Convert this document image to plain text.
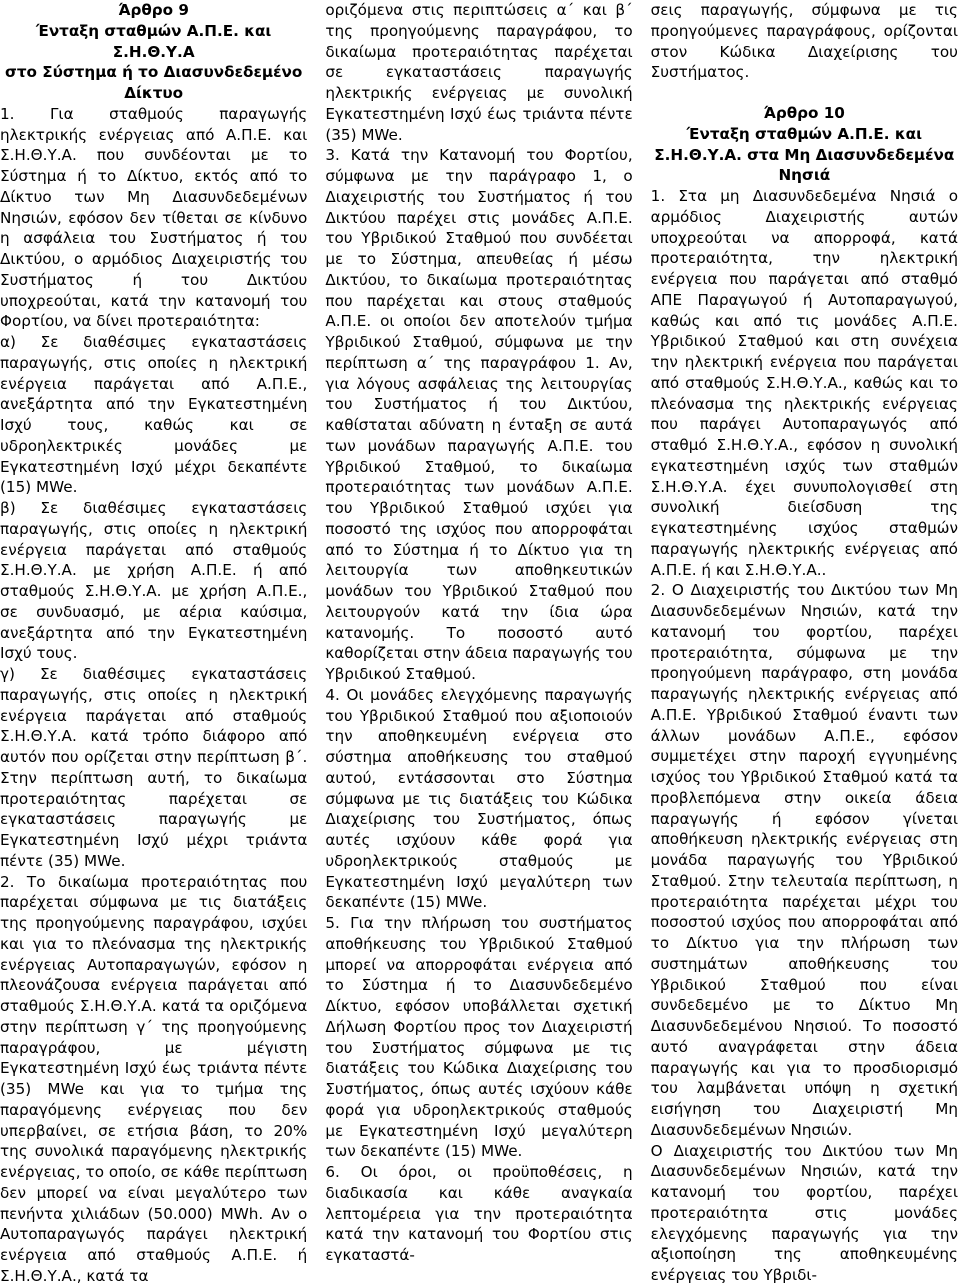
Άρθρο 9
Ένταξη σταθμών Α.Π.Ε. και Σ.Η.Θ.Υ.Α
στο Σύστημα ή το Διασυνδεδεμένο
Δίκτυο

1. Για σταθμούς παραγωγής ηλεκτρικής ενέργειας από Α.Π.Ε. και Σ.Η.Θ.Υ.Α. που συνδέονται με το Σύστημα ή το Δίκτυο, εκτός από το Δίκτυο των Μη Διασυνδεδεμένων Νησιών, εφόσον δεν τίθεται σε κίνδυνο η ασφάλεια του Συστήματος ή του Δικτύου, ο αρμόδιος Διαχειριστής του Συστήματος ή του Δικτύου υποχρεούται, κατά την κατανομή του Φορτίου, να δίνει προτεραιότητα:

α) Σε διαθέσιμες εγκαταστάσεις παραγωγής, στις οποίες η ηλεκτρική ενέργεια παράγεται από Α.Π.Ε., ανεξάρτητα από την Εγκατεστημένη Ισχύ τους, καθώς και σε υδροηλεκτρικές μονάδες με Εγκατεστημένη Ισχύ μέχρι δεκαπέντε (15) MWe.

β) Σε διαθέσιμες εγκαταστάσεις παραγωγής, στις οποίες η ηλεκτρική ενέργεια παράγεται από σταθμούς Σ.Η.Θ.Υ.Α. με χρήση Α.Π.Ε. ή από σταθμούς Σ.Η.Θ.Υ.Α. με χρήση Α.Π.Ε., σε συνδυασμό, με αέρια καύσιμα, ανεξάρτητα από την Εγκατεστημένη Ισχύ τους.

γ) Σε διαθέσιμες εγκαταστάσεις παραγωγής, στις οποίες η ηλεκτρική ενέργεια παράγεται από σταθμούς Σ.Η.Θ.Υ.Α. κατά τρόπο διάφορο από αυτόν που ορίζεται στην περίπτωση β΄. Στην περίπτωση αυτή, το δικαίωμα προτεραιότητας παρέχεται σε εγκαταστάσεις παραγωγής με Εγκατεστημένη Ισχύ μέχρι τριάντα πέντε (35) MWe.

2. Το δικαίωμα προτεραιότητας που παρέχεται σύμφωνα με τις διατάξεις της προηγούμενης παραγράφου, ισχύει και για το πλεόνασμα της ηλεκτρικής ενέργειας Αυτοπαραγωγών, εφόσον η πλεονάζουσα ενέργεια παράγεται από σταθμούς Σ.Η.Θ.Υ.Α. κατά τα οριζόμενα στην περίπτωση γ΄ της προηγούμενης παραγράφου, με μέγιστη Εγκατεστημένη Ισχύ έως τριάντα πέντε (35) MWe και για το τμήμα της παραγόμενης ενέργειας που δεν υπερβαίνει, σε ετήσια βάση, το 20% της συνολικά παραγόμενης ηλεκτρικής ενέργειας, το οποίο, σε κάθε περίπτωση δεν μπορεί να είναι μεγαλύτερο των πενήντα χιλιάδων (50.000) MWh. Αν ο Αυτοπαραγωγός παράγει ηλεκτρική ενέργεια από σταθμούς Α.Π.Ε. ή Σ.Η.Θ.Υ.Α., κατά τα

οριζόμενα στις περιπτώσεις α΄ και β΄ της προηγούμενης παραγράφου, το δικαίωμα προτεραιότητας παρέχεται σε εγκαταστάσεις παραγωγής ηλεκτρικής ενέργειας με συνολική Εγκατεστημένη Ισχύ έως τριάντα πέντε (35) MWe.

3. Κατά την Κατανομή του Φορτίου, σύμφωνα με την παράγραφο 1, ο Διαχειριστής του Συστήματος ή του Δικτύου παρέχει στις μονάδες Α.Π.Ε. του Υβριδικού Σταθμού που συνδέεται με το Σύστημα, απευθείας ή μέσω Δικτύου, το δικαίωμα προτεραιότητας που παρέχεται και στους σταθμούς Α.Π.Ε. οι οποίοι δεν αποτελούν τμήμα Υβριδικού Σταθμού, σύμφωνα με την περίπτωση α΄ της παραγράφου 1. Αν, για λόγους ασφάλειας της λειτουργίας του Συστήματος ή του Δικτύου, καθίσταται αδύνατη η ένταξη σε αυτά των μονάδων παραγωγής Α.Π.Ε. του Υβριδικού Σταθμού, το δικαίωμα προτεραιότητας των μονάδων Α.Π.Ε. του Υβριδικού Σταθμού ισχύει για ποσοστό της ισχύος που απορροφάται από το Σύστημα ή το Δίκτυο για τη λειτουργία των αποθηκευτικών μονάδων του Υβριδικού Σταθμού που λειτουργούν κατά την ίδια ώρα κατανομής. Το ποσοστό αυτό καθορίζεται στην άδεια παραγωγής του Υβριδικού Σταθμού.

4. Οι μονάδες ελεγχόμενης παραγωγής του Υβριδικού Σταθμού που αξιοποιούν την αποθηκευμένη ενέργεια στο σύστημα αποθήκευσης του σταθμού αυτού, εντάσσονται στο Σύστημα σύμφωνα με τις διατάξεις του Κώδικα Διαχείρισης του Συστήματος, όπως αυτές ισχύουν κάθε φορά για υδροηλεκτρικούς σταθμούς με Εγκατεστημένη Ισχύ μεγαλύτερη των δεκαπέντε (15) MWe.

5. Για την πλήρωση του συστήματος αποθήκευσης του Υβριδικού Σταθμού μπορεί να απορροφάται ενέργεια από το Σύστημα ή το Διασυνδεδεμένο Δίκτυο, εφόσον υποβάλλεται σχετική Δήλωση Φορτίου προς τον Διαχειριστή του Συστήματος σύμφωνα με τις διατάξεις του Κώδικα Διαχείρισης του Συστήματος, όπως αυτές ισχύουν κάθε φορά για υδροηλεκτρικούς σταθμούς με Εγκατεστημένη Ισχύ μεγαλύτερη των δεκαπέντε (15) MWe.

6. Οι όροι, οι προϋποθέσεις, η διαδικασία και κάθε αναγκαία λεπτομέρεια για την προτεραιότητα κατά την κατανομή του Φορτίου στις εγκαταστά-

σεις παραγωγής, σύμφωνα με τις προηγούμενες παραγράφους, ορίζονται στον Κώδικα Διαχείρισης του Συστήματος.

Άρθρο 10
Ένταξη σταθμών Α.Π.Ε. και
Σ.Η.Θ.Υ.Α. στα Μη Διασυνδεδεμένα
Νησιά

1. Στα μη Διασυνδεδεμένα Νησιά ο αρμόδιος Διαχειριστής αυτών υποχρεούται να απορροφά, κατά προτεραιότητα, την ηλεκτρική ενέργεια που παράγεται από σταθμό ΑΠΕ Παραγωγού ή Αυτοπαραγωγού, καθώς και από τις μονάδες Α.Π.Ε. Υβριδικού Σταθμού και στη συνέχεια την ηλεκτρική ενέργεια που παράγεται από σταθμούς Σ.Η.Θ.Υ.Α., καθώς και το πλεόνασμα της ηλεκτρικής ενέργειας που παράγει Αυτοπαραγωγός από σταθμό Σ.Η.Θ.Υ.Α., εφόσον η συνολική εγκατεστημένη ισχύς των σταθμών Σ.Η.Θ.Υ.Α. έχει συνυπολογισθεί στη συνολική διείσδυση της εγκατεστημένης ισχύος σταθμών παραγωγής ηλεκτρικής ενέργειας από Α.Π.Ε. ή και Σ.Η.Θ.Υ.Α..

2. Ο Διαχειριστής του Δικτύου των Μη Διασυνδεδεμένων Νησιών, κατά την κατανομή του φορτίου, παρέχει προτεραιότητα, σύμφωνα με την προηγούμενη παράγραφο, στη μονάδα παραγωγής ηλεκτρικής ενέργειας από Α.Π.Ε. Υβριδικού Σταθμού έναντι των άλλων μονάδων Α.Π.Ε., εφόσον συμμετέχει στην παροχή εγγυημένης ισχύος του Υβριδικού Σταθμού κατά τα προβλεπόμενα στην οικεία άδεια παραγωγής ή εφόσον γίνεται αποθήκευση ηλεκτρικής ενέργειας στη μονάδα παραγωγής του Υβριδικού Σταθμού. Στην τελευταία περίπτωση, η προτεραιότητα παρέχεται μέχρι του ποσοστού ισχύος που απορροφάται από το Δίκτυο για την πλήρωση των συστημάτων αποθήκευσης του Υβριδικού Σταθμού που είναι συνδεδεμένο με το Δίκτυο Μη Διασυνδεδεμένου Νησιού. Το ποσοστό αυτό αναγράφεται στην άδεια παραγωγής και για το προσδιορισμό του λαμβάνεται υπόψη η σχετική εισήγηση του Διαχειριστή Μη Διασυνδεδεμένων Νησιών.

Ο Διαχειριστής του Δικτύου των Μη Διασυνδεδεμένων Νησιών, κατά την κατανομή του φορτίου, παρέχει προτεραιότητα στις μονάδες ελεγχόμενης παραγωγής για την αξιοποίηση της αποθηκευμένης ενέργειας του Υβριδι-
